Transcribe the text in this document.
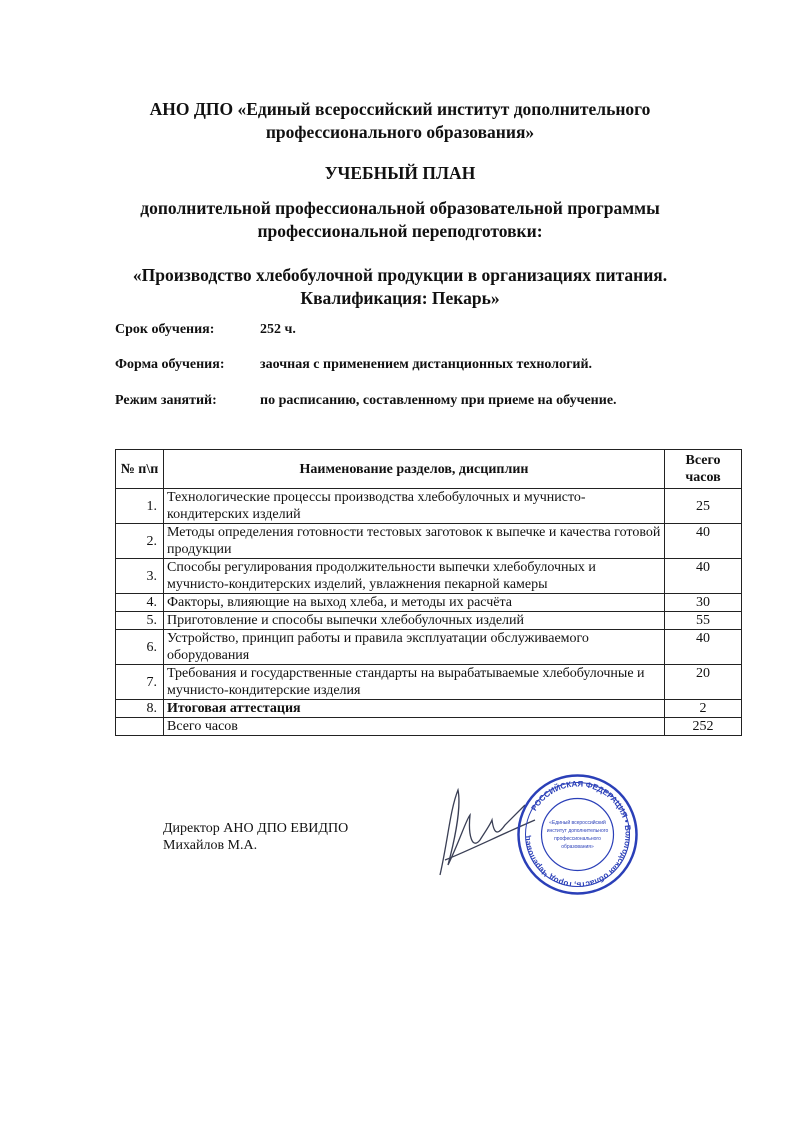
АНО ДПО «Единый всероссийский институт дополнительного
профессионального образования»
УЧЕБНЫЙ ПЛАН
дополнительной профессиональной образовательной программы
профессиональной переподготовки:
«Производство хлебобулочной продукции в организациях питания.
Квалификация: Пекарь»
Срок обучения:	252 ч.
Форма обучения:	заочная с применением дистанционных технологий.
Режим занятий:	по расписанию, составленному при приеме на обучение.
№ п\п	Наименование разделов, дисциплин	Всего
часов
1.	Технологические процессы производства хлебобулочных и мучнисто-кондитерских изделий	25
2.	Методы определения готовности тестовых заготовок к выпечке и качества готовой продукции	40
3.	Способы регулирования продолжительности выпечки хлебобулочных и мучнисто-кондитерских изделий, увлажнения пекарной камеры	40
4.	Факторы, влияющие на выход хлеба, и методы их расчёта	30
5.	Приготовление и способы выпечки хлебобулочных изделий	55
6.	Устройство, принцип работы и правила эксплуатации обслуживаемого оборудования	40
7.	Требования и государственные стандарты на вырабатываемые хлебобулочные и мучнисто-кондитерские изделия	20
8.	Итоговая аттестация	2
	Всего часов	252
Директор АНО ДПО ЕВИДПО
Михайлов М.А.
РОССИЙСКАЯ ФЕДЕРАЦИЯ • Вологодская область, город Череповец
«Единый всероссийский
институт дополнительного
профессионального
образования»
